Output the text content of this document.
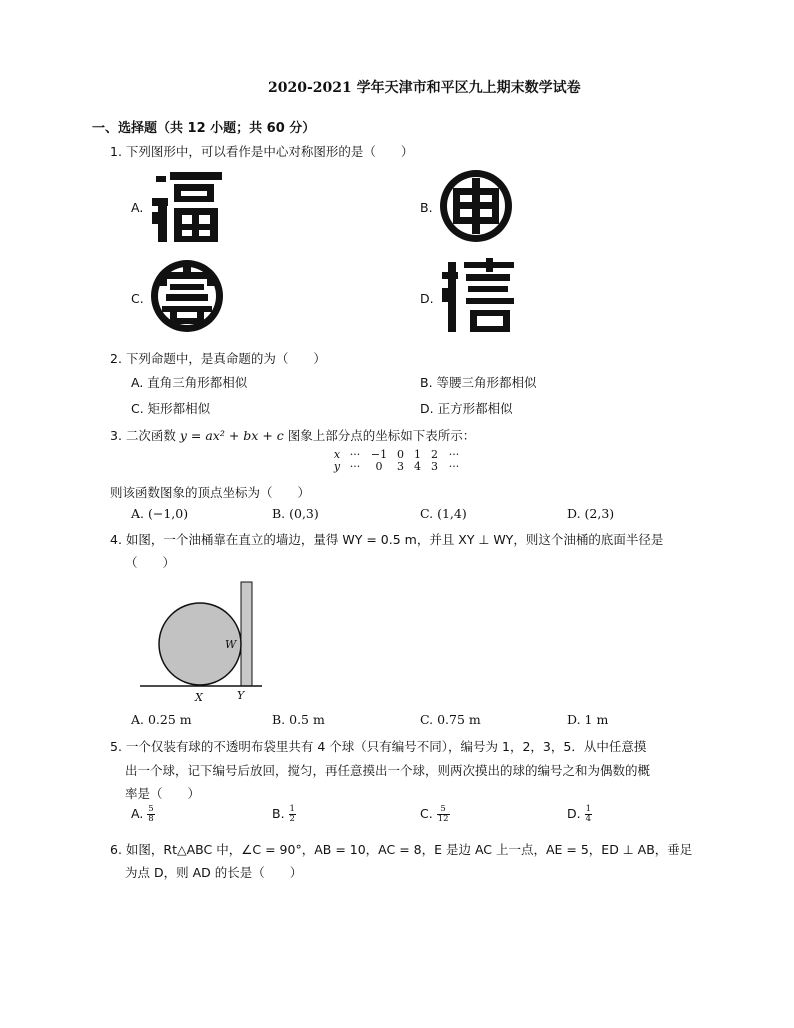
2020-2021 学年天津市和平区九上期末数学试卷
一、选择题（共 12 小题；共 60 分）
1. 下列图形中，可以看作是中心对称图形的是（　　）
A.	B.
C.	D.
2. 下列命题中，是真命题的为（　　）
A. 直角三角形都相似	B. 等腰三角形都相似
C. 矩形都相似	D. 正方形都相似
3. 二次函数 y = ax² + bx + c 图象上部分点的坐标如下表所示：
x ··· −1 0 1 2 ···
y ··· 0 3 4 3 ···
则该函数图象的顶点坐标为（　　）
A. (−1,0)	B. (0,3)	C. (1,4)	D. (2,3)
4. 如图，一个油桶靠在直立的墙边，量得 WY = 0.5 m，并且 XY ⊥ WY，则这个油桶的底面半径是
（　　）
W
X	Y
A. 0.25 m	B. 0.5 m	C. 0.75 m	D. 1 m
5. 一个仅装有球的不透明布袋里共有 4 个球（只有编号不同），编号为 1，2，3，5．从中任意摸
出一个球，记下编号后放回，搅匀，再任意摸出一个球，则两次摸出的球的编号之和为偶数的概
率是（　　）
A. $\frac{5}{8}$	B. $\frac{1}{2}$	C. $\frac{5}{12}$	D. $\frac{1}{4}$
6. 如图，Rt△ABC 中，∠C = 90°，AB = 10，AC = 8，E 是边 AC 上一点，AE = 5，ED ⊥ AB，垂足
为点 D，则 AD 的长是（　　）
